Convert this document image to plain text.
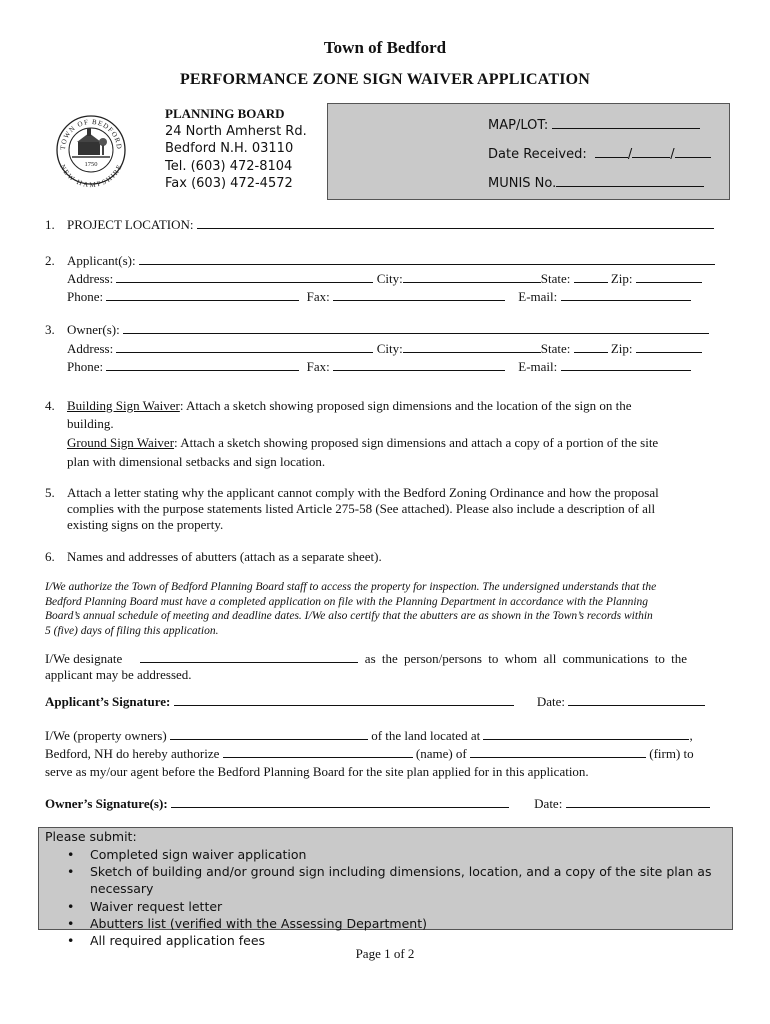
Town of Bedford
PERFORMANCE ZONE SIGN WAIVER APPLICATION
TOWN OF BEDFORD
NEW HAMPSHIRE
1750
PLANNING BOARD
24 North Amherst Rd.
Bedford N.H. 03110
Tel. (603) 472-8104
Fax (603) 472-4572
MAP/LOT:
Date Received:	/	/
MUNIS No.
1. PROJECT LOCATION:
2. Applicant(s):
Address:	City:	State:	Zip:
Phone:	Fax:	E-mail:
3. Owner(s):
Address:	City:	State:	Zip:
Phone:	Fax:	E-mail:
4. Building Sign Waiver: Attach a sketch showing proposed sign dimensions and the location of the sign on the
building.
Ground Sign Waiver: Attach a sketch showing proposed sign dimensions and attach a copy of a portion of the site
plan with dimensional setbacks and sign location.
5. Attach a letter stating why the applicant cannot comply with the Bedford Zoning Ordinance and how the proposal
complies with the purpose statements listed Article 275-58 (See attached). Please also include a description of all
existing signs on the property.
6. Names and addresses of abutters (attach as a separate sheet).
I/We authorize the Town of Bedford Planning Board staff to access the property for inspection. The undersigned understands that the
Bedford Planning Board must have a completed application on file with the Planning Department in accordance with the Planning
Board’s annual schedule of meeting and deadline dates. I/We also certify that the abutters are as shown in the Town’s records within
5 (five) days of filing this application.
I/We designate	as the person/persons to whom all communications to the
applicant may be addressed.
Applicant’s Signature:	Date:
I/We (property owners)	of the land located at	,
Bedford, NH do hereby authorize	(name) of	(firm) to
serve as my/our agent before the Bedford Planning Board for the site plan applied for in this application.
Owner’s Signature(s):	Date:
Please submit:
• Completed sign waiver application
• Sketch of building and/or ground sign including dimensions, location, and a copy of the site plan as necessary
• Waiver request letter
• Abutters list (verified with the Assessing Department)
• All required application fees
Page 1 of 2
